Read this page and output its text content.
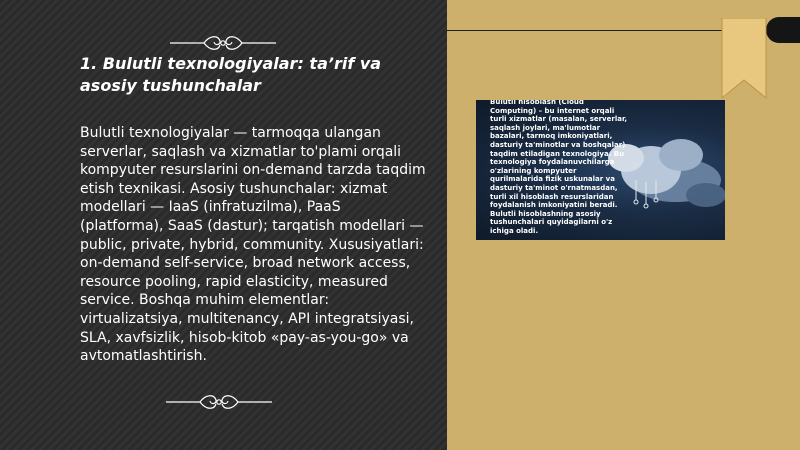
1. Bulutli texnologiyalar: ta’rif va asosiy tushunchalar

Bulutli texnologiyalar — tarmoqqa ulangan serverlar, saqlash va xizmatlar to'plami orqali kompyuter resurslarini on-demand tarzda taqdim etish texnikasi. Asosiy tushunchalar: xizmat modellari — IaaS (infratuzilma), PaaS (platforma), SaaS (dastur); tarqatish modellari — public, private, hybrid, community. Xususiyatlari: on-demand self-service, broad network access, resource pooling, rapid elasticity, measured service. Boshqa muhim elementlar: virtualizatsiya, multitenancy, API integratsiyasi, SLA, xavfsizlik, hisob-kitob «pay-as-you-go» va avtomatlashtirish.

Bulutli hisoblash (Cloud Computing) – bu internet orqali turli xizmatlar (masalan, serverlar, saqlash joylari, ma'lumotlar bazalari, tarmoq imkoniyatlari, dasturiy ta'minotlar va boshqalar) taqdim etiladigan texnologiya. Bu texnologiya foydalanuvchilarga o'zlarining kompyuter qurilmalarida fizik uskunalar va dasturiy ta'minot o'rnatmasdan, turli xil hisoblash resurslaridan foydalanish imkoniyatini beradi. Bulutli hisoblashning asosiy tushunchalari quyidagilarni o'z ichiga oladi.
